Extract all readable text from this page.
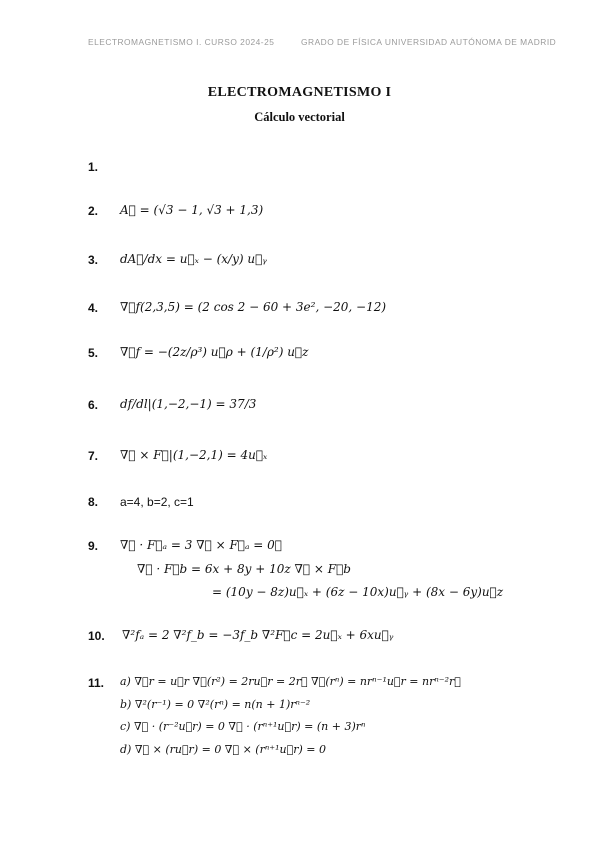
ELECTROMAGNETISMO I. CURSO 2024-25	GRADO DE FÍSICA UNIVERSIDAD AUTÓNOMA DE MADRID
ELECTROMAGNETISMO I
Cálculo vectorial
1.
2.
3.
4.
5.
6.
7.
8.
9.
10.
11.
A⃗ = (√3 − 1, √3 + 1,3)
dA⃗/dx = u⃗ₓ − (x/y) u⃗ᵧ
∇⃗f(2,3,5) = (2 cos 2 − 60 + 3e², −20, −12)
∇⃗f = −(2z/ρ³) u⃗ρ + (1/ρ²) u⃗z
df/dl|(1,−2,−1) = 37/3
∇⃗ × F⃗|(1,−2,1) = 4u⃗ₓ
a=4, b=2, c=1
∇⃗ · F⃗ₐ = 3 ∇⃗ × F⃗ₐ = 0⃗
∇⃗ · F⃗b = 6x + 8y + 10z ∇⃗ × F⃗b
= (10y − 8z)u⃗ₓ + (6z − 10x)u⃗ᵧ + (8x − 6y)u⃗z
∇²fₐ = 2 ∇²f_b = −3f_b ∇²F⃗c = 2u⃗ₓ + 6xu⃗ᵧ
a) ∇⃗r = u⃗r ∇⃗(r²) = 2ru⃗r = 2r⃗ ∇⃗(rⁿ) = nrⁿ⁻¹u⃗r = nrⁿ⁻²r⃗
b) ∇²(r⁻¹) = 0 ∇²(rⁿ) = n(n + 1)rⁿ⁻²
c) ∇⃗ · (r⁻²u⃗r) = 0 ∇⃗ · (rⁿ⁺¹u⃗r) = (n + 3)rⁿ
d) ∇⃗ × (ru⃗r) = 0 ∇⃗ × (rⁿ⁺¹u⃗r) = 0
